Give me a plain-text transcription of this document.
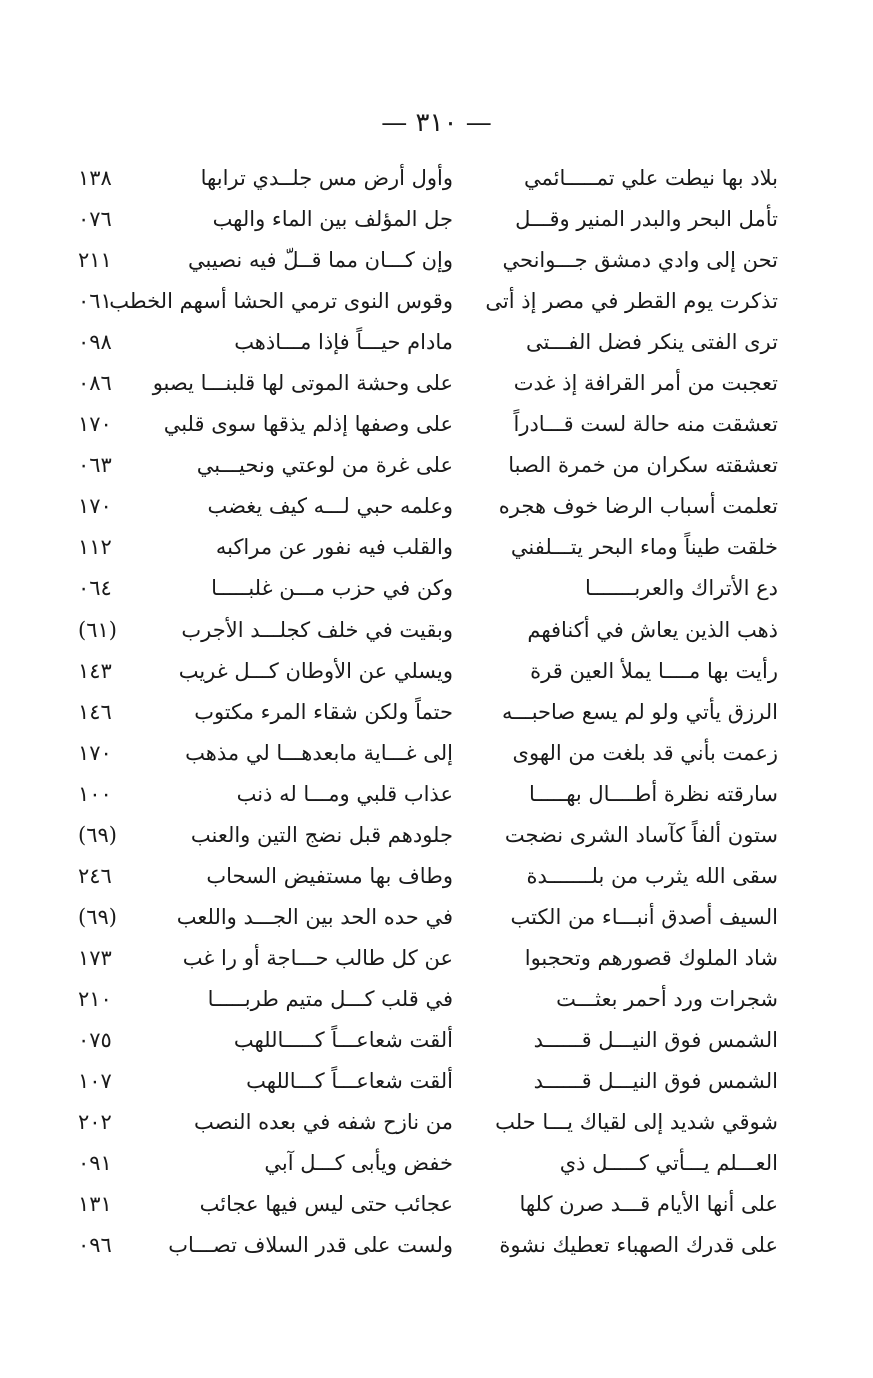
— ٣١٠ —
بلاد بها نيطت علي تمـــــائمي
وأول أرض مس جلــدي ترابها
١٣٨
تأمل البحر والبدر المنير وقـــل
جل المؤلف بين الماء والهب
٠٧٦
تحن إلى وادي دمشق جـــوانحي
وإن كـــان مما قــلّ فيه نصيبي
٢١١
تذكرت يوم القطر في مصر إذ أتى
وقوس النوى ترمي الحشا أسهم الخطب
٠٦١
ترى الفتى ينكر فضل الفـــتى
مادام حيـــاً فإذا مـــاذهب
٠٩٨
تعجبت من أمر القرافة إذ غدت
على وحشة الموتى لها قلبنـــا يصبو
٠٨٦
تعشقت منه حالة لست قـــادراً
على وصفها إذلم يذقها سوى قلبي
١٧٠
تعشقته سكران من خمرة الصبا
على غرة من لوعتي ونحيـــبي
٠٦٣
تعلمت أسباب الرضا خوف هجره
وعلمه حبي لـــه كيف يغضب
١٧٠
خلقت طيناً وماء البحر يتـــلفني
والقلب فيه نفور عن مراكبه
١١٢
دع الأتراك والعربـــــــا
وكن في حزب مـــن غلبـــــا
٠٦٤
ذهب الذين يعاش في أكنافهم
وبقيت في خلف كجلـــد الأجرب
(٦١)
رأيت بها مــــا يملأ العين قرة
ويسلي عن الأوطان كـــل غريب
١٤٣
الرزق يأتي ولو لم يسع صاحبـــه
حتماً ولكن شقاء المرء مكتوب
١٤٦
زعمت بأني قد بلغت من الهوى
إلى غـــاية مابعدهـــا لي مذهب
١٧٠
سارقته نظرة أطــــال بهـــــا
عذاب قلبي ومـــا له ذنب
١٠٠
ستون ألفاً كآساد الشرى نضجت
جلودهم قبل نضج التين والعنب
(٦٩)
سقى الله يثرب من بلـــــــدة
وطاف بها مستفيض السحاب
٢٤٦
السيف أصدق أنبـــاء من الكتب
في حده الحد بين الجـــد واللعب
(٦٩)
شاد الملوك قصورهم وتحجبوا
عن كل طالب حـــاجة أو را غب
١٧٣
شجرات ورد أحمر بعثـــت
في قلب كـــل متيم طربـــــا
٢١٠
الشمس فوق النيـــل قــــــد
ألقت شعاعـــاً كـــــاللهب
٠٧٥
الشمس فوق النيـــل قــــــد
ألقت شعاعـــاً كـــاللهب
١٠٧
شوقي شديد إلى لقياك يـــا حلب
من نازح شفه في بعده النصب
٢٠٢
العـــلم يـــأتي كـــــل ذي
خفض ويأبى كـــل آبي
٠٩١
على أنها الأيام قـــد صرن كلها
عجائب حتى ليس فيها عجائب
١٣١
على قدرك الصهباء تعطيك نشوة
ولست على قدر السلاف تصـــاب
٠٩٦
